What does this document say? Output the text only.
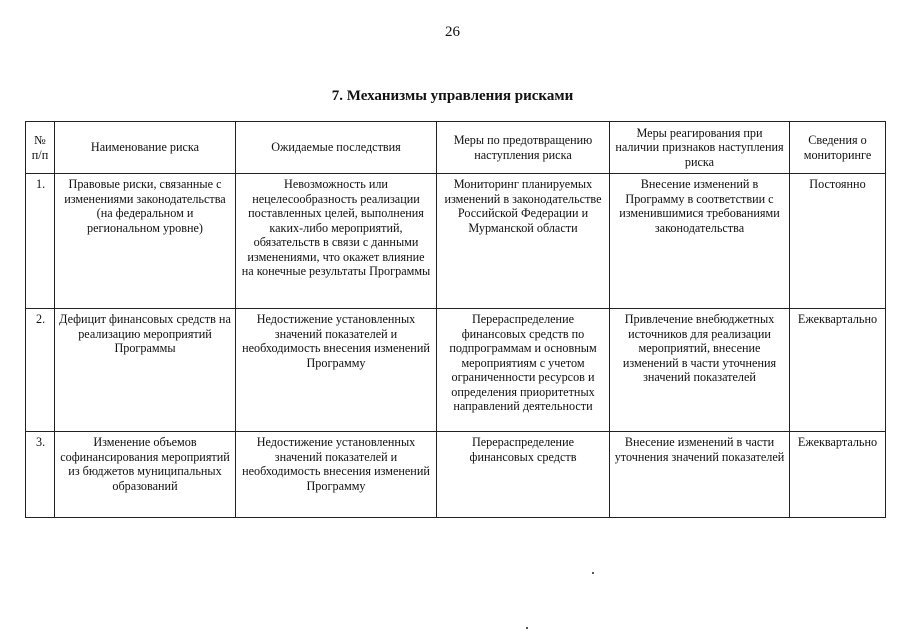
26
7. Механизмы управления рисками
№ п/п	Наименование риска	Ожидаемые последствия	Меры по предотвращению наступления риска	Меры реагирования при наличии признаков наступления риска	Сведения о мониторинге
1.	Правовые риски, связанные с изменениями законодательства (на федеральном и региональном уровне)	Невозможность или нецелесообразность реализации поставленных целей, выполнения каких-либо мероприятий, обязательств в связи с данными изменениями, что окажет влияние на конечные результаты Программы	Мониторинг планируемых изменений в законодательстве Российской Федерации и Мурманской области	Внесение изменений в Программу в соответствии с изменившимися требованиями законодательства	Постоянно
2.	Дефицит финансовых средств на реализацию мероприятий Программы	Недостижение установленных значений показателей и необходимость внесения изменений Программу	Перераспределение финансовых средств по подпрограммам и основным мероприятиям с учетом ограниченности ресурсов и определения приоритетных направлений деятельности	Привлечение внебюджетных источников для реализации мероприятий, внесение изменений в части уточнения значений показателей	Ежеквартально
3.	Изменение объемов софинансирования мероприятий из бюджетов муниципальных образований	Недостижение установленных значений показателей и необходимость внесения изменений Программу	Перераспределение финансовых средств	Внесение изменений в части уточнения значений показателей	Ежеквартально
